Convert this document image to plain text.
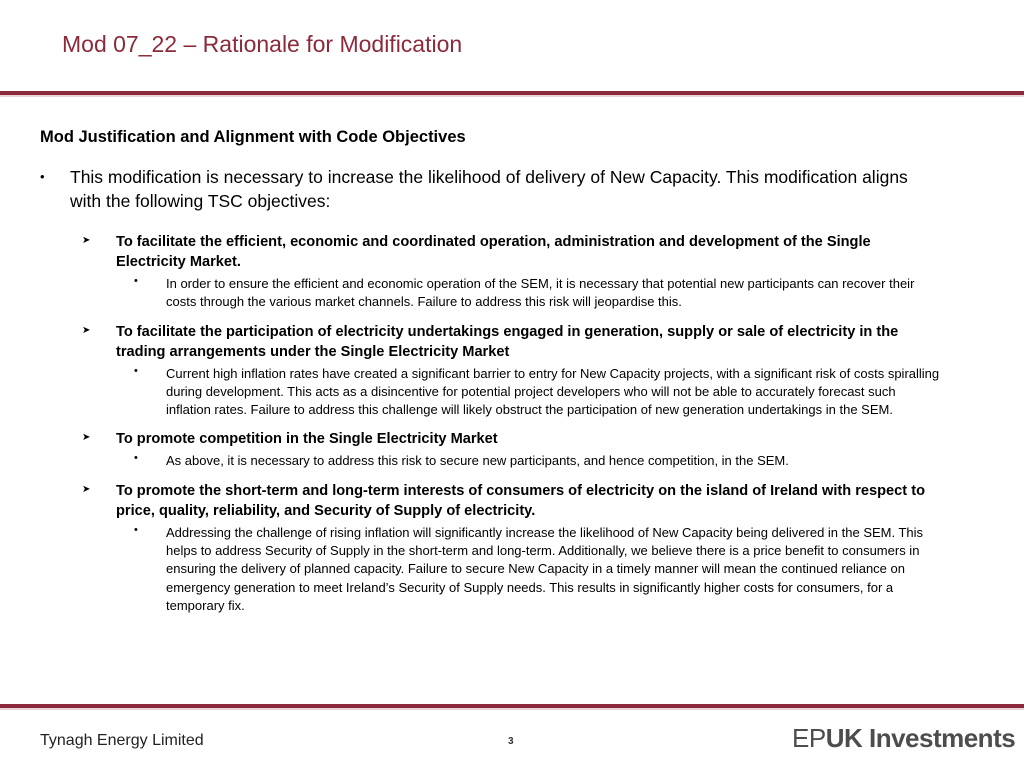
Mod 07_22 – Rationale for Modification
Mod Justification and Alignment with Code Objectives
• This modification is necessary to increase the likelihood of delivery of New Capacity. This modification aligns with the following TSC objectives:
➤ To facilitate the efficient, economic and coordinated operation, administration and development of the Single Electricity Market.
• In order to ensure the efficient and economic operation of the SEM, it is necessary that potential new participants can recover their costs through the various market channels. Failure to address this risk will jeopardise this.
➤ To facilitate the participation of electricity undertakings engaged in generation, supply or sale of electricity in the trading arrangements under the Single Electricity Market
• Current high inflation rates have created a significant barrier to entry for New Capacity projects, with a significant risk of costs spiralling during development. This acts as a disincentive for potential project developers who will not be able to accurately forecast such inflation rates. Failure to address this challenge will likely obstruct the participation of new generation undertakings in the SEM.
➤ To promote competition in the Single Electricity Market
• As above, it is necessary to address this risk to secure new participants, and hence competition, in the SEM.
➤ To promote the short-term and long-term interests of consumers of electricity on the island of Ireland with respect to price, quality, reliability, and Security of Supply of electricity.
• Addressing the challenge of rising inflation will significantly increase the likelihood of New Capacity being delivered in the SEM. This helps to address Security of Supply in the short-term and long-term. Additionally, we believe there is a price benefit to consumers in ensuring the delivery of planned capacity. Failure to secure New Capacity in a timely manner will mean the continued reliance on emergency generation to meet Ireland’s Security of Supply needs. This results in significantly higher costs for consumers, for a temporary fix.
Tynagh Energy Limited	3	EPUK Investments
